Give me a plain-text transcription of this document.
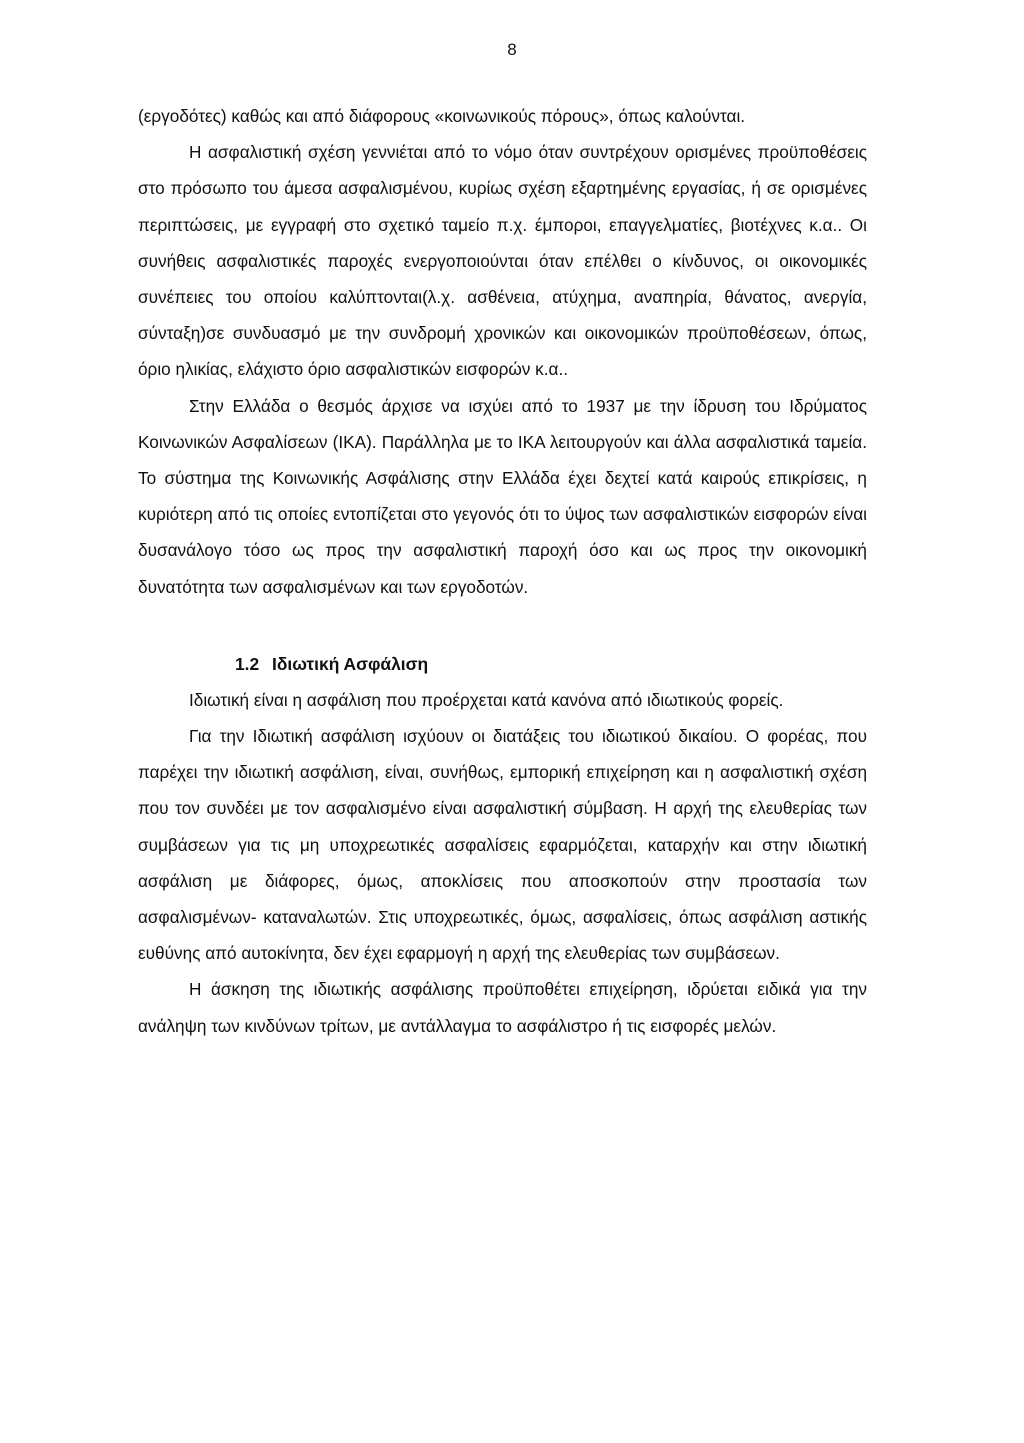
8

(εργοδότες) καθώς και από διάφορους «κοινωνικούς πόρους», όπως καλούνται.

Η ασφαλιστική σχέση γεννιέται από το νόμο όταν συντρέχουν ορισμένες προϋποθέσεις στο πρόσωπο του άμεσα ασφαλισμένου, κυρίως σχέση εξαρτημένης εργασίας, ή σε ορισμένες περιπτώσεις, με εγγραφή στο σχετικό ταμείο π.χ. έμποροι, επαγγελματίες, βιοτέχνες κ.α.. Οι συνήθεις ασφαλιστικές παροχές ενεργοποιούνται όταν επέλθει ο κίνδυνος, οι οικονομικές συνέπειες του οποίου καλύπτονται(λ.χ. ασθένεια, ατύχημα, αναπηρία, θάνατος, ανεργία, σύνταξη)σε συνδυασμό με την συνδρομή χρονικών και οικονομικών προϋποθέσεων, όπως, όριο ηλικίας, ελάχιστο όριο ασφαλιστικών εισφορών κ.α..

Στην Ελλάδα ο θεσμός άρχισε να ισχύει από το 1937 με την ίδρυση του Ιδρύματος Κοινωνικών Ασφαλίσεων (ΙΚΑ). Παράλληλα με το ΙΚΑ λειτουργούν και άλλα ασφαλιστικά ταμεία. Το σύστημα της Κοινωνικής Ασφάλισης στην Ελλάδα έχει δεχτεί κατά καιρούς επικρίσεις, η κυριότερη από τις οποίες εντοπίζεται στο γεγονός ότι το ύψος των ασφαλιστικών εισφορών είναι δυσανάλογο τόσο ως προς την ασφαλιστική παροχή όσο και ως προς την οικονομική δυνατότητα των ασφαλισμένων και των εργοδοτών.

1.2 Ιδιωτική Ασφάλιση

Ιδιωτική είναι η ασφάλιση που προέρχεται κατά κανόνα από ιδιωτικούς φορείς.

Για την Ιδιωτική ασφάλιση ισχύουν οι διατάξεις του ιδιωτικού δικαίου. Ο φορέας, που παρέχει την ιδιωτική ασφάλιση, είναι, συνήθως, εμπορική επιχείρηση και η ασφαλιστική σχέση που τον συνδέει με τον ασφαλισμένο είναι ασφαλιστική σύμβαση. Η αρχή της ελευθερίας των συμβάσεων για τις μη υποχρεωτικές ασφαλίσεις εφαρμόζεται, καταρχήν και στην ιδιωτική ασφάλιση με διάφορες, όμως, αποκλίσεις που αποσκοπούν στην προστασία των ασφαλισμένων- καταναλωτών. Στις υποχρεωτικές, όμως, ασφαλίσεις, όπως ασφάλιση αστικής ευθύνης από αυτοκίνητα, δεν έχει εφαρμογή η αρχή της ελευθερίας των συμβάσεων.

Η άσκηση της ιδιωτικής ασφάλισης προϋποθέτει επιχείρηση, ιδρύεται ειδικά για την ανάληψη των κινδύνων τρίτων, με αντάλλαγμα το ασφάλιστρο ή τις εισφορές μελών.
